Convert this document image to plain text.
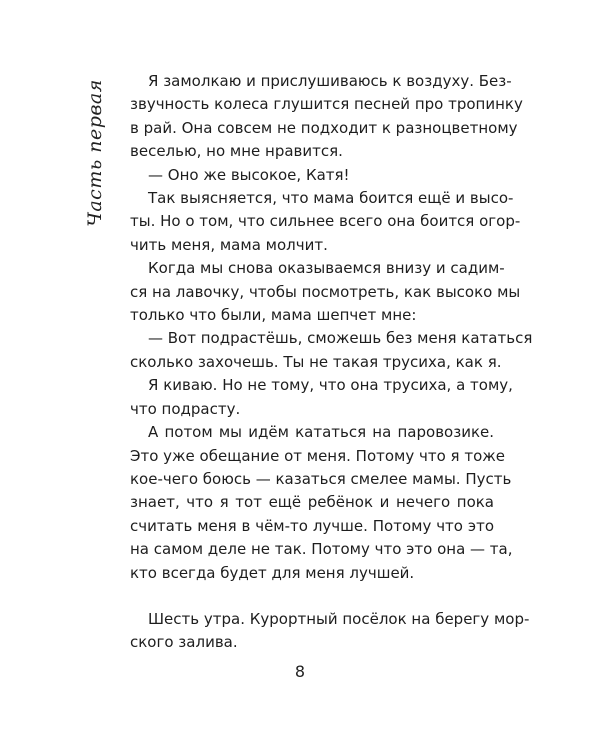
Часть первая	Я замолкаю и прислушиваюсь к воздуху. Без-
звучность колеса глушится песней про тропинку
в рай. Она совсем не подходит к разноцветному
веселью, но мне нравится.
— Оно же высокое, Катя!
Так выясняется, что мама боится ещё и высо-
ты. Но о том, что сильнее всего она боится огор-
чить меня, мама молчит.
Когда мы снова оказываемся внизу и садим-
ся на лавочку, чтобы посмотреть, как высоко мы
только что были, мама шепчет мне:
— Вот подрастёшь, сможешь без меня кататься
сколько захочешь. Ты не такая трусиха, как я.
Я киваю. Но не тому, что она трусиха, а тому,
что подрасту.
А потом мы идём кататься на паровозике.
Это уже обещание от меня. Потому что я тоже
кое-чего боюсь — казаться смелее мамы. Пусть
знает, что я тот ещё ребёнок и нечего пока
считать меня в чём-то лучше. Потому что это
на самом деле не так. Потому что это она — та,
кто всегда будет для меня лучшей.
Шесть утра. Курортный посёлок на берегу мор-
ского залива.
8
